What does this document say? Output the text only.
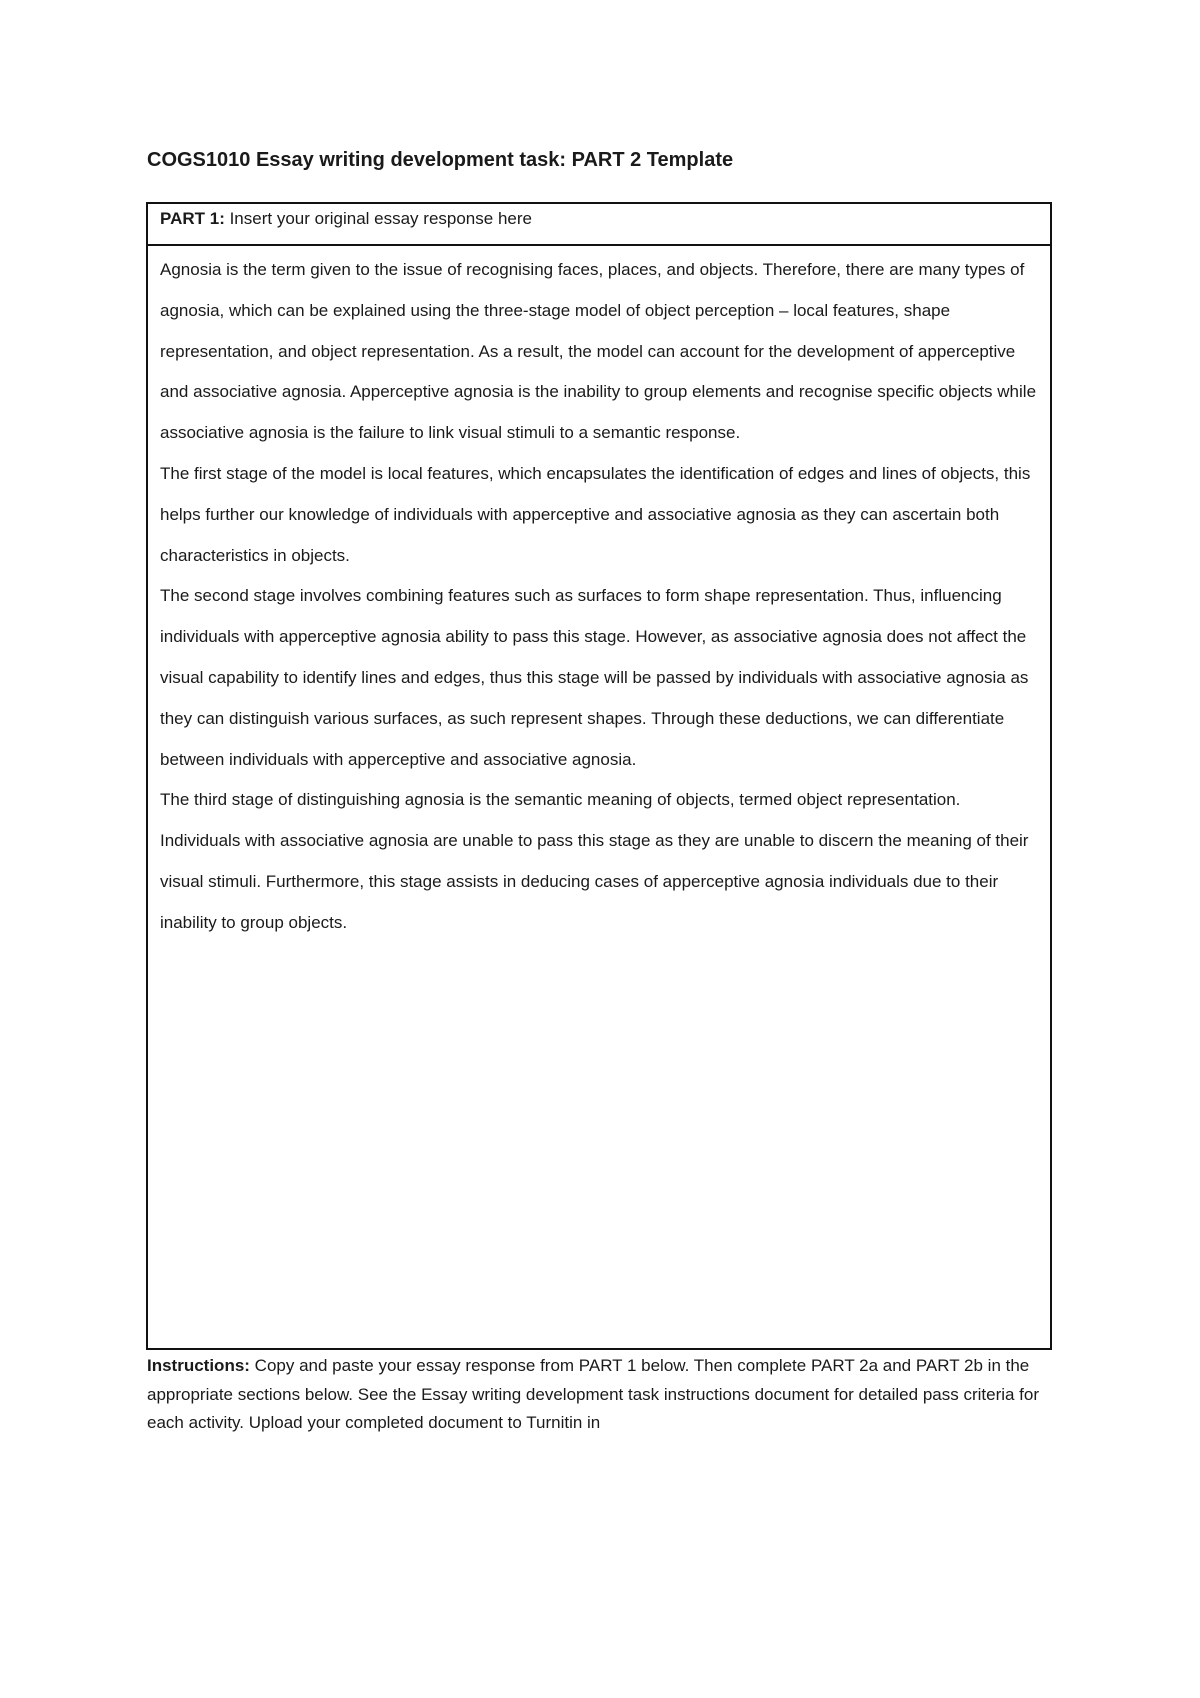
COGS1010 Essay writing development task: PART 2 Template
PART 1: Insert your original essay response here

Agnosia is the term given to the issue of recognising faces, places, and objects. Therefore, there are many types of agnosia, which can be explained using the three-stage model of object perception – local features, shape representation, and object representation. As a result, the model can account for the development of apperceptive and associative agnosia. Apperceptive agnosia is the inability to group elements and recognise specific objects while associative agnosia is the failure to link visual stimuli to a semantic response.

The first stage of the model is local features, which encapsulates the identification of edges and lines of objects, this helps further our knowledge of individuals with apperceptive and associative agnosia as they can ascertain both characteristics in objects.

The second stage involves combining features such as surfaces to form shape representation. Thus, influencing individuals with apperceptive agnosia ability to pass this stage. However, as associative agnosia does not affect the visual capability to identify lines and edges, thus this stage will be passed by individuals with associative agnosia as they can distinguish various surfaces, as such represent shapes. Through these deductions, we can differentiate between individuals with apperceptive and associative agnosia.

The third stage of distinguishing agnosia is the semantic meaning of objects, termed object representation. Individuals with associative agnosia are unable to pass this stage as they are unable to discern the meaning of their visual stimuli. Furthermore, this stage assists in deducing cases of apperceptive agnosia individuals due to their inability to group objects.

Instructions: Copy and paste your essay response from PART 1 below. Then complete PART 2a and PART 2b in the appropriate sections below. See the Essay writing development task instructions document for detailed pass criteria for each activity. Upload your completed document to Turnitin in
